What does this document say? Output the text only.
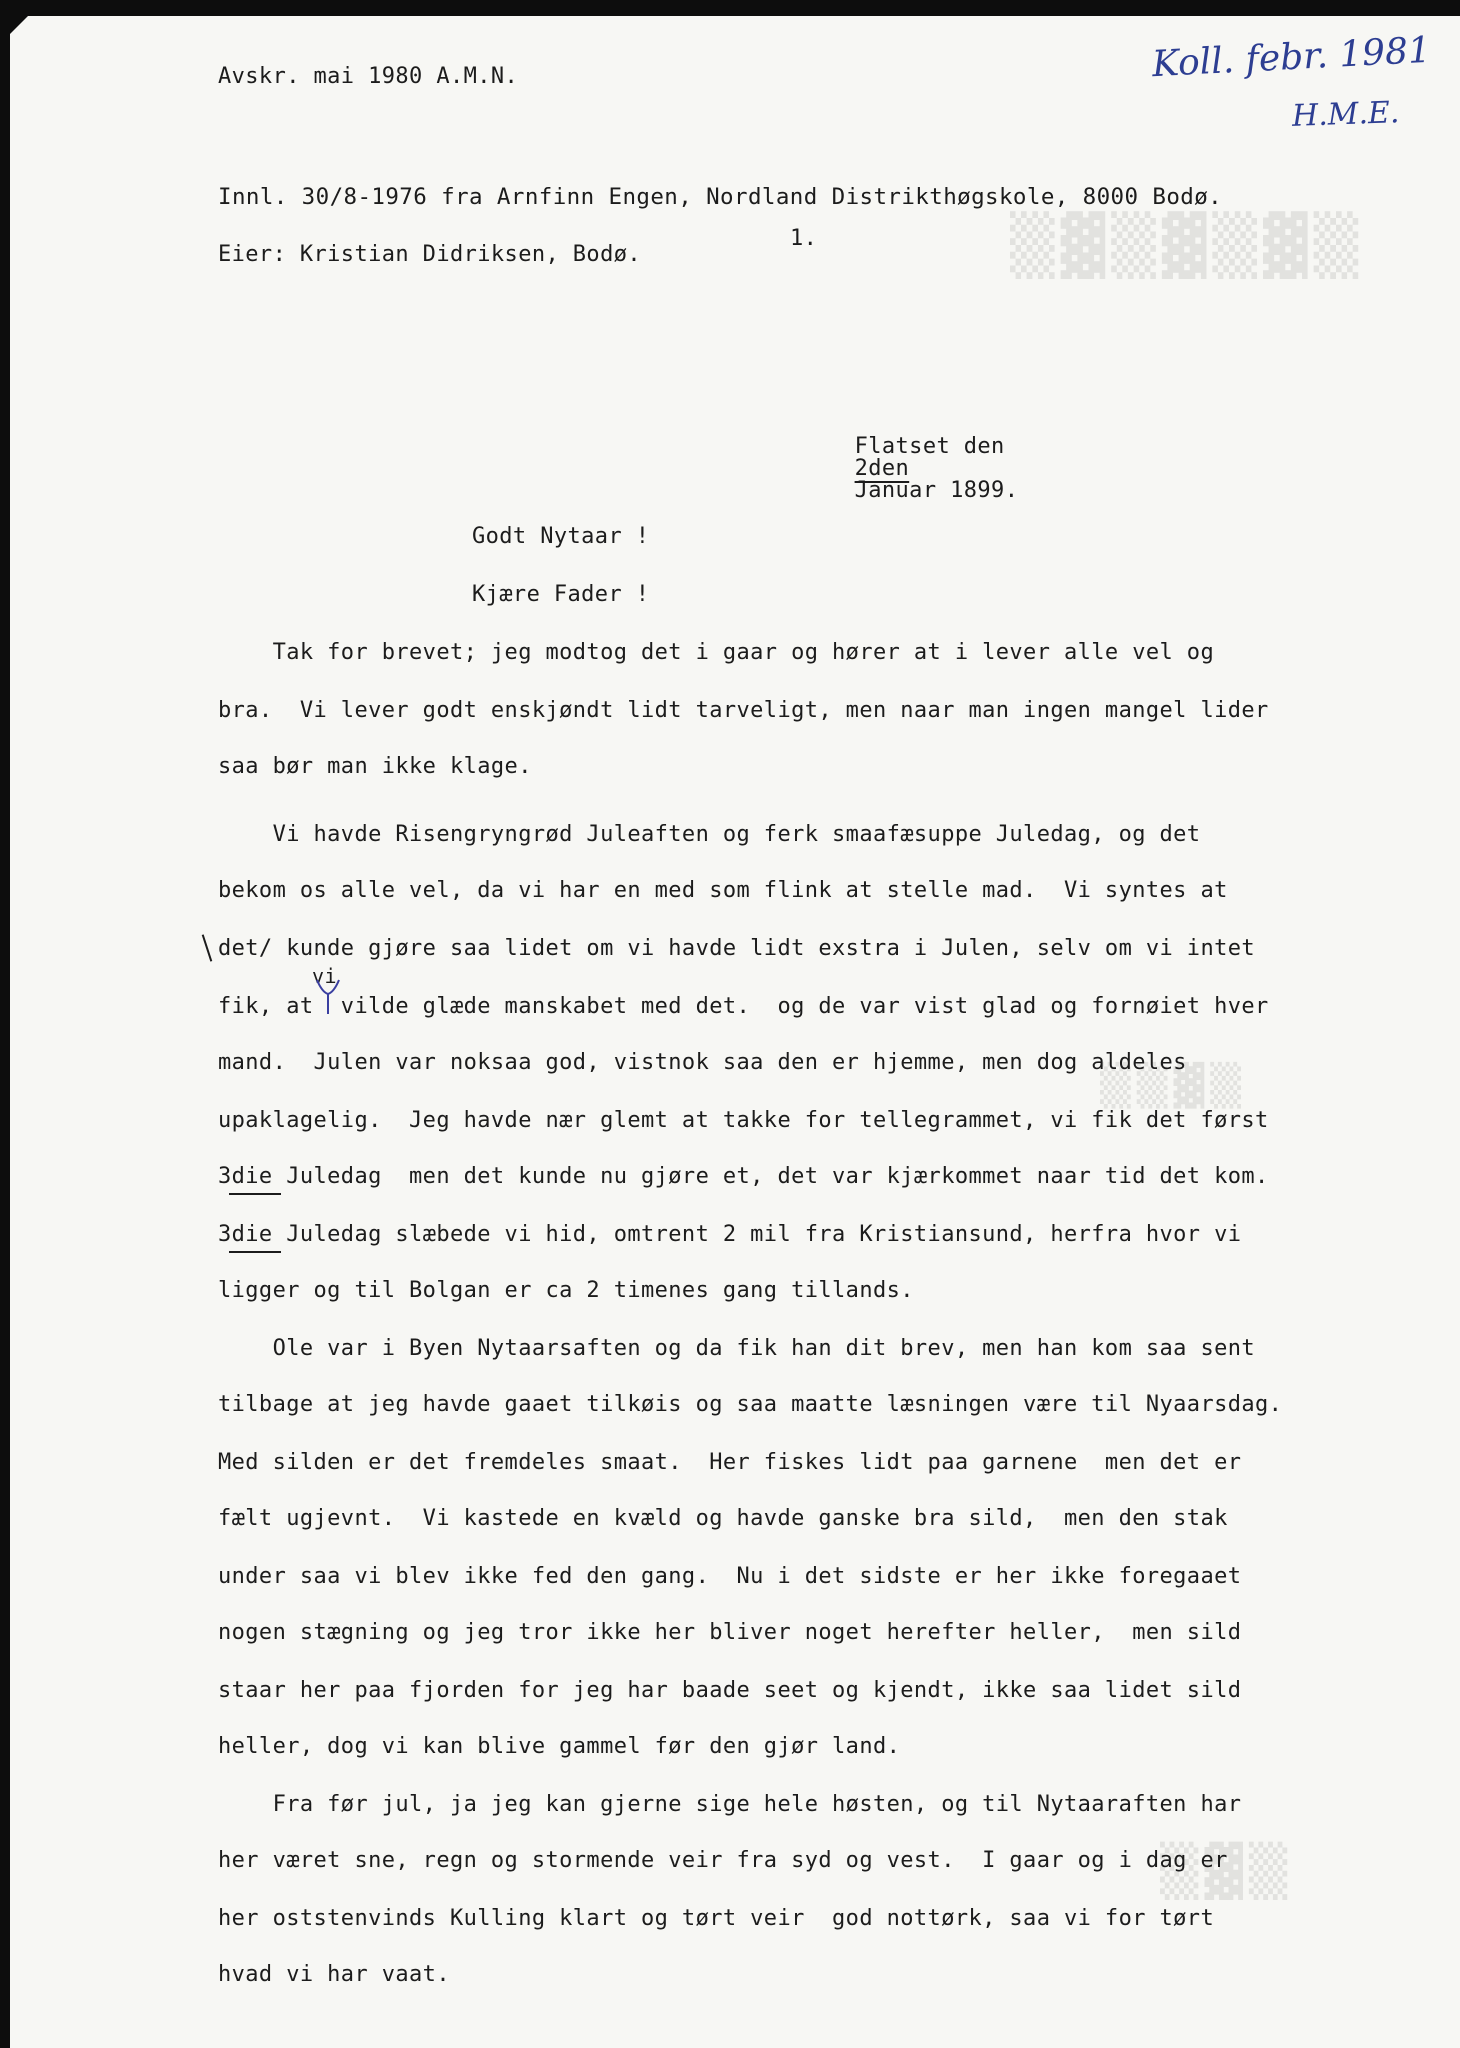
▒▓▒▓▒▓▒
▒▒▓▒
▒▓▒
Avskr. mai 1980 A.M.N.	Koll. febr. 1981
H.M.E.
Innl. 30/8-1976 fra Arnfinn Engen, Nordland Distrikthøgskole, 8000 Bodø.
Eier: Kristian Didriksen, Bodø.
1.

Flatset den
2den
Januar 1899.

Godt Nytaar !
Kjære Fader !
Tak for brevet; jeg modtog det i gaar og hører at i lever alle vel og
bra.  Vi lever godt enskjøndt lidt tarveligt, men naar man ingen mangel lider
saa bør man ikke klage.
Vi havde Risengryngrød Juleaften og ferk smaafæsuppe Juledag, og det
bekom os alle vel, da vi har en med som flink at stelle mad.  Vi syntes at
det/ kunde gjøre saa lidet om vi havde lidt exstra i Julen, selv om vi intet
fik, at  vilde glæde manskabet med det.  og de var vist glad og fornøiet hver
mand.  Julen var noksaa god, vistnok saa den er hjemme, men dog aldeles
upaklagelig.  Jeg havde nær glemt at takke for tellegrammet, vi fik det først
3die Juledag  men det kunde nu gjøre et, det var kjærkommet naar tid det kom.
3die Juledag slæbede vi hid, omtrent 2 mil fra Kristiansund, herfra hvor vi
ligger og til Bolgan er ca 2 timenes gang tillands.
Ole var i Byen Nytaarsaften og da fik han dit brev, men han kom saa sent
tilbage at jeg havde gaaet tilkøis og saa maatte læsningen være til Nyaarsdag.
Med silden er det fremdeles smaat.  Her fiskes lidt paa garnene  men det er
fælt ugjevnt.  Vi kastede en kvæld og havde ganske bra sild,  men den stak
under saa vi blev ikke fed den gang.  Nu i det sidste er her ikke foregaaet
nogen stægning og jeg tror ikke her bliver noget herefter heller,  men sild
staar her paa fjorden for jeg har baade seet og kjendt, ikke saa lidet sild
heller, dog vi kan blive gammel før den gjør land.
Fra før jul, ja jeg kan gjerne sige hele høsten, og til Nytaaraften har
her været sne, regn og stormende veir fra syd og vest.  I gaar og i dag er
her oststenvinds Kulling klart og tørt veir  god nottørk, saa vi for tørt
hvad vi har vaat.
vi
